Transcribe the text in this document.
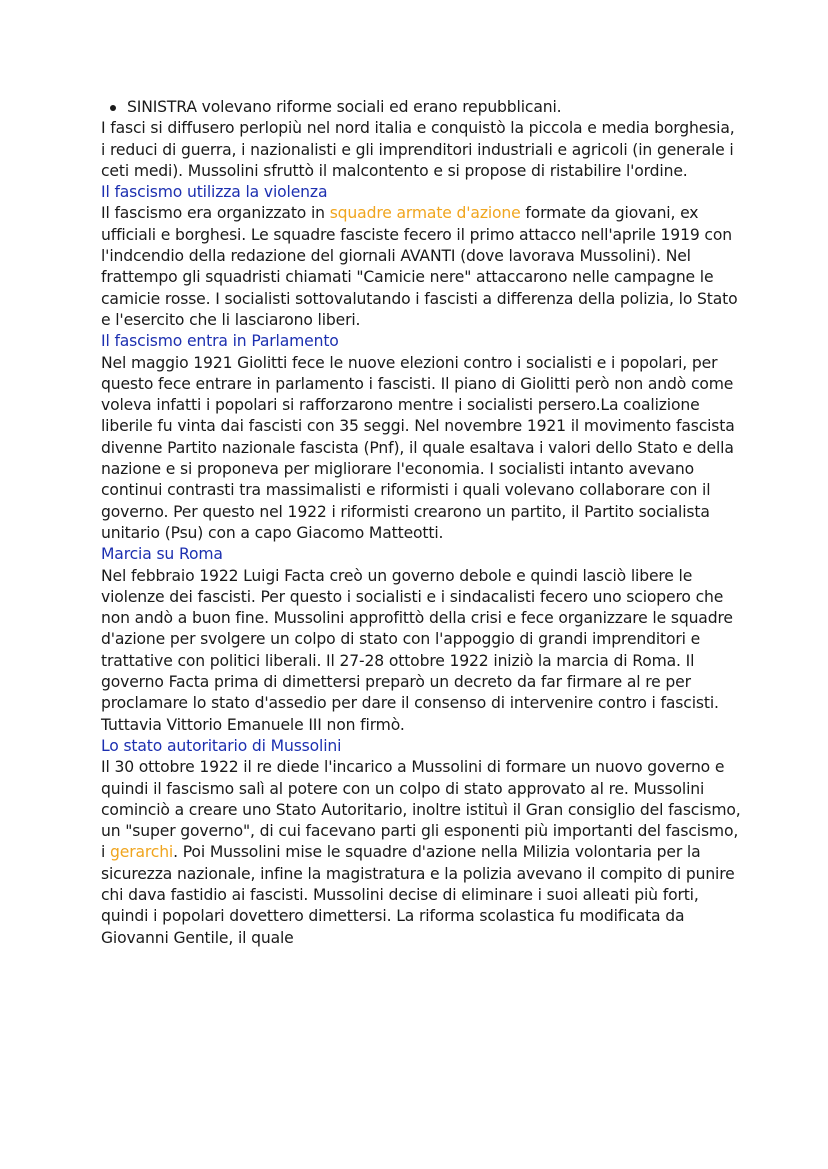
SINISTRA volevano riforme sociali ed erano repubblicani.

I fasci si diffusero perlopiù nel nord italia e conquistò la piccola e media borghesia, i reduci di guerra, i nazionalisti e gli imprenditori industriali e agricoli (in generale i ceti medi). Mussolini sfruttò il malcontento e si propose di ristabilire l'ordine.

Il fascismo utilizza la violenza

Il fascismo era organizzato in squadre armate d'azione formate da giovani, ex ufficiali e borghesi. Le squadre fasciste fecero il primo attacco nell'aprile 1919 con l'indcendio della redazione del giornali AVANTI (dove lavorava Mussolini). Nel frattempo gli squadristi chiamati "Camicie nere" attaccarono nelle campagne le camicie rosse. I socialisti sottovalutando i fascisti a differenza della polizia, lo Stato e l'esercito che li lasciarono liberi.

Il fascismo entra in Parlamento

Nel maggio 1921 Giolitti fece le nuove elezioni contro i socialisti e i popolari, per questo fece entrare in parlamento i fascisti. Il piano di Giolitti però non andò come voleva infatti i popolari si rafforzarono mentre i socialisti persero.La coalizione liberile fu vinta dai fascisti con 35 seggi. Nel novembre 1921 il movimento fascista divenne Partito nazionale fascista (Pnf), il quale esaltava i valori dello Stato e della nazione e si proponeva per migliorare l'economia. I socialisti intanto avevano continui contrasti tra massimalisti e riformisti i quali volevano collaborare con il governo. Per questo nel 1922 i riformisti crearono un partito, il Partito socialista unitario (Psu) con a capo Giacomo Matteotti.

Marcia su Roma

Nel febbraio 1922 Luigi Facta creò un governo debole e quindi lasciò libere le violenze dei fascisti. Per questo i socialisti e i sindacalisti fecero uno sciopero che non andò a buon fine. Mussolini approfittò della crisi e fece organizzare le squadre d'azione per svolgere un colpo di stato con l'appoggio di grandi imprenditori e trattative con politici liberali. Il 27-28 ottobre 1922 iniziò la marcia di Roma. Il governo Facta prima di dimettersi preparò un decreto da far firmare al re per proclamare lo stato d'assedio per dare il consenso di intervenire contro i fascisti. Tuttavia Vittorio Emanuele III non firmò.

Lo stato autoritario di Mussolini

Il 30 ottobre 1922 il re diede l'incarico a Mussolini di formare un nuovo governo e quindi il fascismo salì al potere con un colpo di stato approvato al re. Mussolini cominciò a creare uno Stato Autoritario, inoltre istituì il Gran consiglio del fascismo, un "super governo", di cui facevano parti gli esponenti più importanti del fascismo, i gerarchi. Poi Mussolini mise le squadre d'azione nella Milizia volontaria per la sicurezza nazionale, infine la magistratura e la polizia avevano il compito di punire chi dava fastidio ai fascisti. Mussolini decise di eliminare i suoi alleati più forti, quindi i popolari dovettero dimettersi. La riforma scolastica fu modificata da Giovanni Gentile, il quale
